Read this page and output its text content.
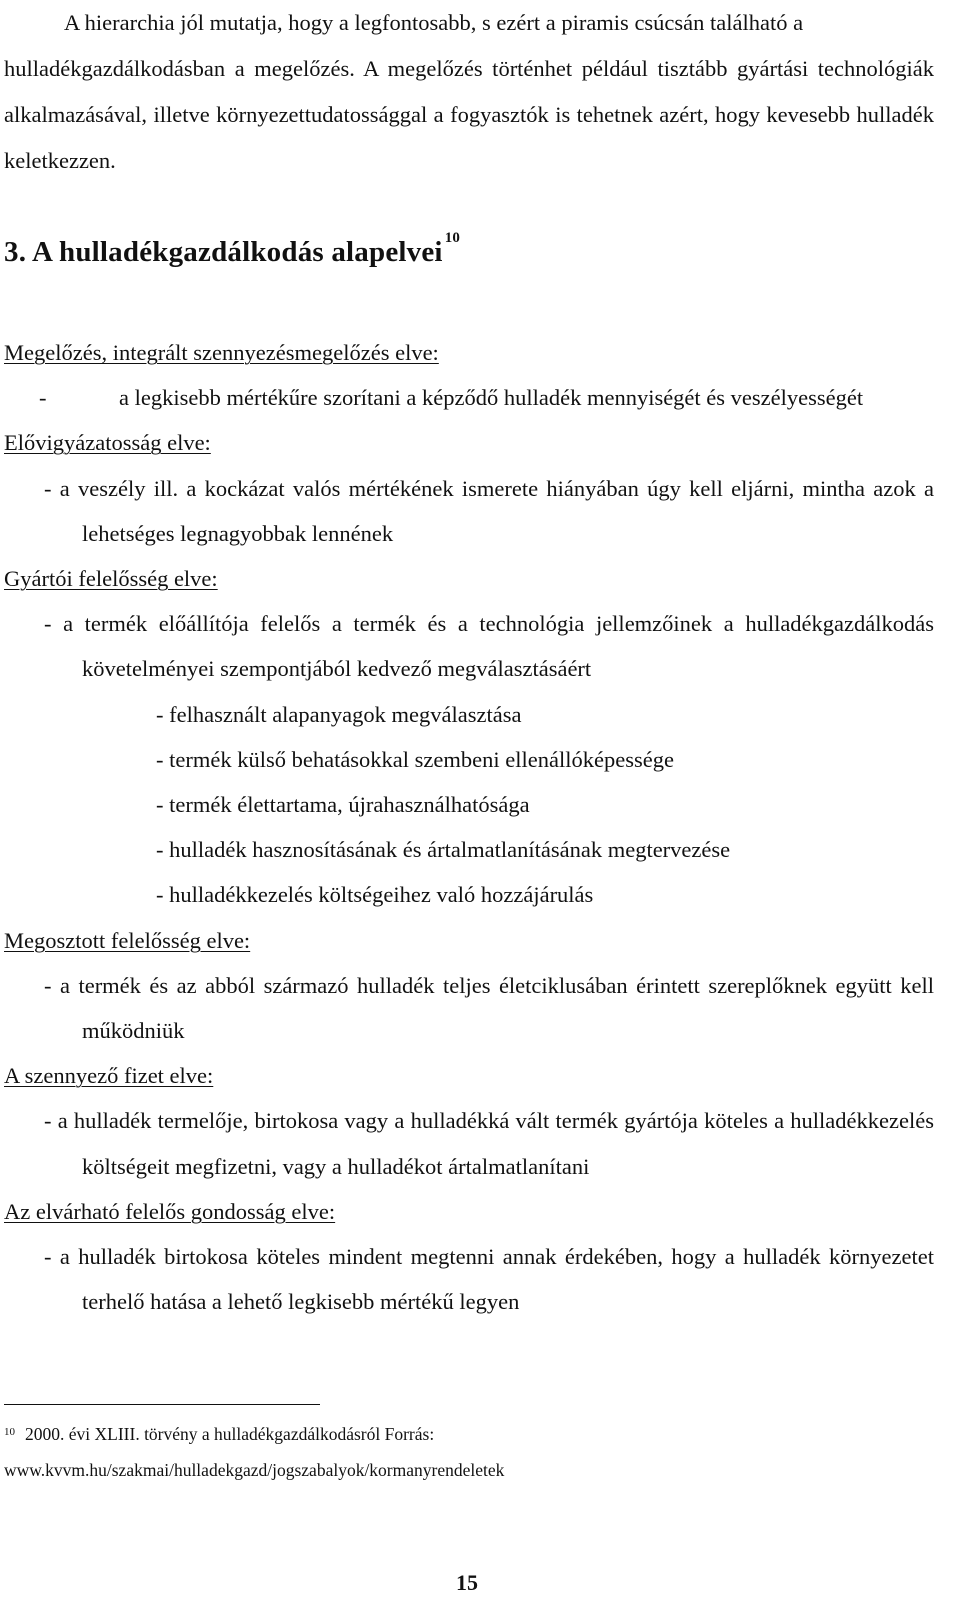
A hierarchia jól mutatja, hogy a legfontosabb, s ezért a piramis csúcsán található a
hulladékgazdálkodásban a megelőzés. A megelőzés történhet például tisztább gyártási technológiák alkalmazásával, illetve környezettudatossággal a fogyasztók is tehetnek azért, hogy kevesebb hulladék keletkezzen.
3. A hulladékgazdálkodás alapelvei $^{10}$
Megelőzés, integrált szennyezésmegelőzés elve:
-	a legkisebb mértékűre szorítani a képződő hulladék mennyiségét és veszélyességét
Elővigyázatosság elve:
- a veszély ill. a kockázat valós mértékének ismerete hiányában úgy kell eljárni, mintha azok a lehetséges legnagyobbak lennének
Gyártói felelősség elve:
- a termék előállítója felelős a termék és a technológia jellemzőinek a hulladékgazdálkodás követelményei szempontjából kedvező megválasztásáért
- felhasznált alapanyagok megválasztása
- termék külső behatásokkal szembeni ellenállóképessége
- termék élettartama, újrahasználhatósága
- hulladék hasznosításának és ártalmatlanításának megtervezése
- hulladékkezelés költségeihez való hozzájárulás
Megosztott felelősség elve:
- a termék és az abból származó hulladék teljes életciklusában érintett szereplőknek együtt kell működniük
A szennyező fizet elve:
- a hulladék termelője, birtokosa vagy a hulladékká vált termék gyártója köteles a hulladékkezelés költségeit megfizetni, vagy a hulladékot ártalmatlanítani
Az elvárható felelős gondosság elve:
- a hulladék birtokosa köteles mindent megtenni annak érdekében, hogy a hulladék környezetet terhelő hatása a lehető legkisebb mértékű legyen
$^{10}$ 2000. évi XLIII. törvény a hulladékgazdálkodásról Forrás:
www.kvvm.hu/szakmai/hulladekgazd/jogszabalyok/kormanyrendeletek
15
